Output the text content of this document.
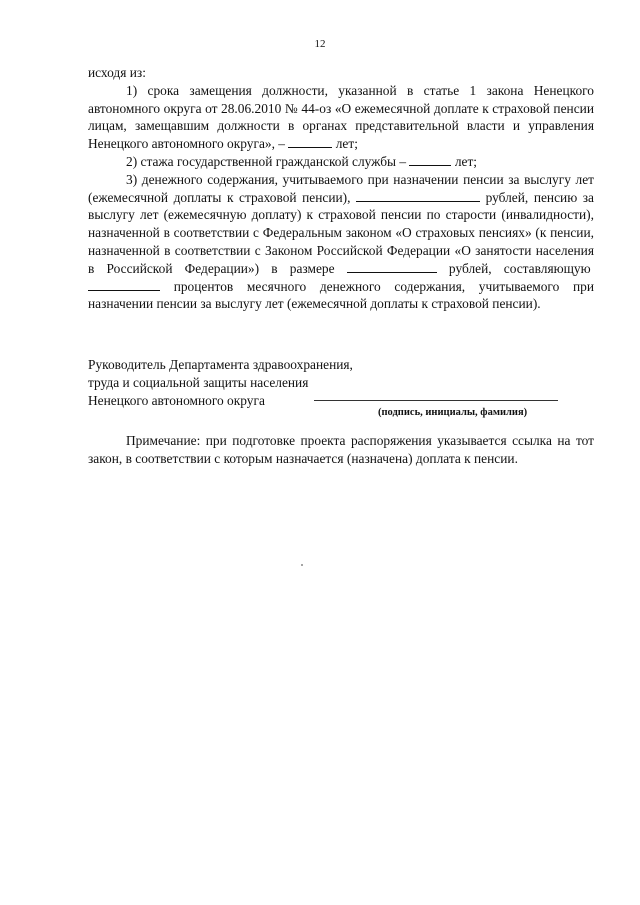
12

исходя из:

1) срока замещения должности, указанной в статье 1 закона Ненецкого автономного округа от 28.06.2010 № 44-оз «О ежемесячной доплате к страховой пенсии лицам, замещавшим должности в органах представительной власти и управления Ненецкого автономного округа», –	лет;

2) стажа государственной гражданской службы –	лет;

3) денежного содержания, учитываемого при назначении пенсии за выслугу лет (ежемесячной доплаты к страховой пенсии),	рублей, пенсию за выслугу лет (ежемесячную доплату) к страховой пенсии по старости (инвалидности), назначенной в соответствии с Федеральным законом «О страховых пенсиях» (к пенсии, назначенной в соответствии с Законом Российской Федерации «О занятости населения в Российской Федерации») в размере	рублей, составляющую  процентов месячного денежного содержания, учитываемого при назначении пенсии за выслугу лет (ежемесячной доплаты к страховой пенсии).

Руководитель Департамента здравоохранения,
труда и социальной защиты населения
Ненецкого автономного округа
(подпись, инициалы, фамилия)

Примечание: при подготовке проекта распоряжения указывается ссылка на тот закон, в соответствии с которым назначается (назначена) доплата к пенсии.
